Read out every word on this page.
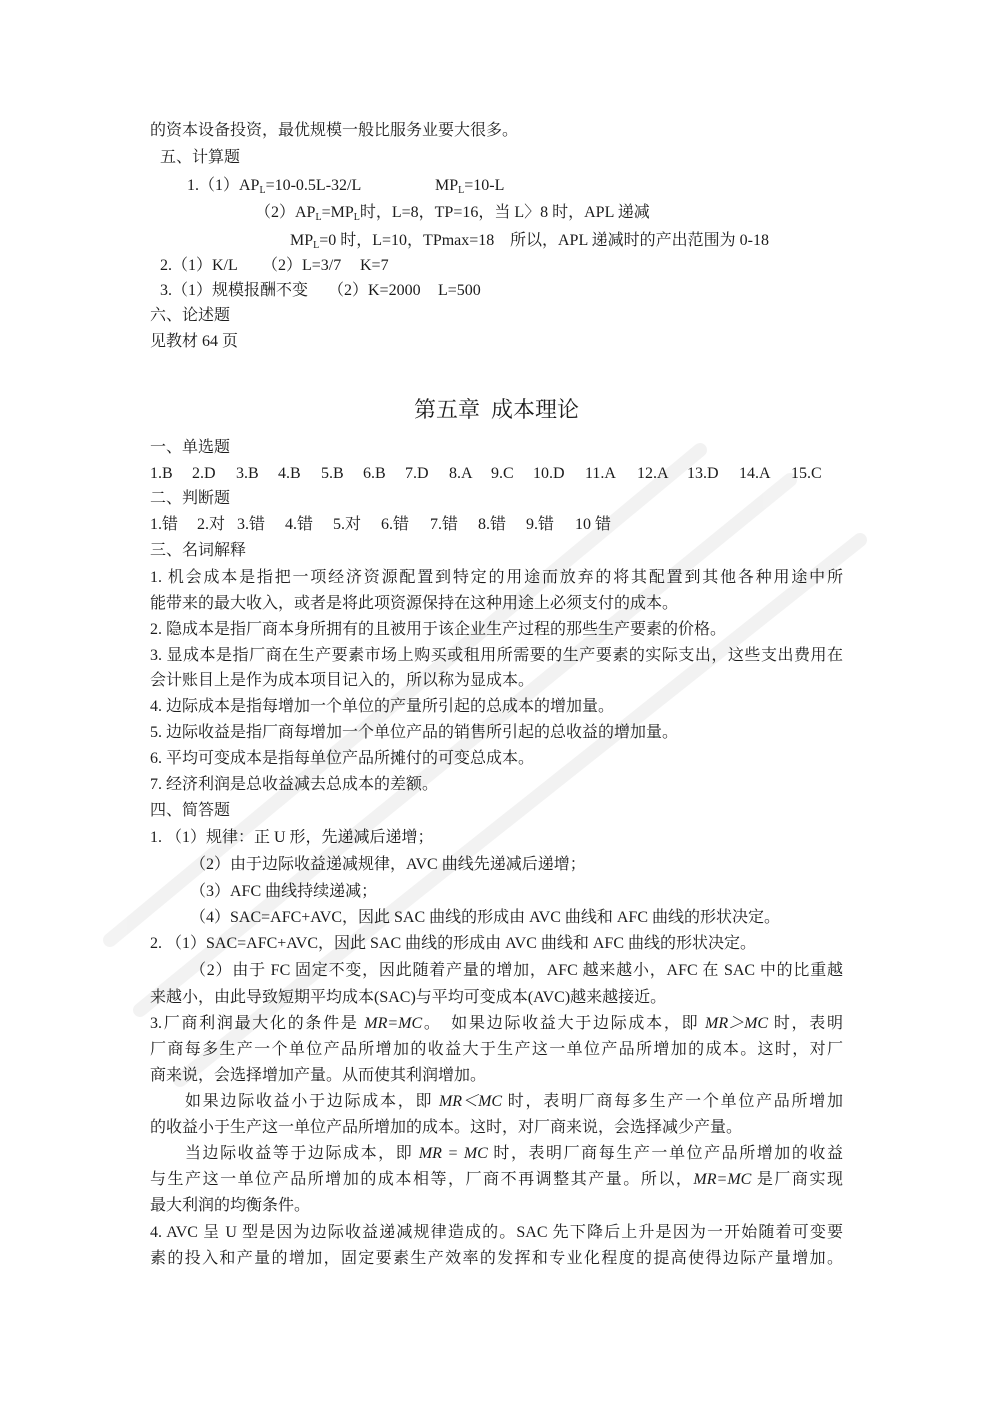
的资本设备投资，最优规模一般比服务业要大很多。
五、计算题
$1.(1)AP_L=10-0.5L-32/L$	$MP_L=10-L$
$(2)AP_L=MP_L$时，L=8，TP=16，当 L〉8 时，APL 递减
$MP_L=0$ 时，L=10，TPmax=18 所以，APL 递减时的产出范围为 0-18
2.（1）K/L （2）L=3/7 K=7
3.（1）规模报酬不变 （2）K=2000 L=500
六、论述题
见教材 64 页
第五章  成本理论
一、单选题
1.B 2.D 3.B 4.B 5.B 6.B 7.D 8.A 9.C 10.D 11.A 12.A 13.D 14.A 15.C
二、判断题
1.错 2.对 3.错 4.错 5.对 6.错 7.错 8.错 9.错 10 错
三、名词解释
1. 机会成本是指把一项经济资源配置到特定的用途而放弃的将其配置到其他各种用途中所
能带来的最大收入，或者是将此项资源保持在这种用途上必须支付的成本。
2. 隐成本是指厂商本身所拥有的且被用于该企业生产过程的那些生产要素的价格。
3. 显成本是指厂商在生产要素市场上购买或租用所需要的生产要素的实际支出，这些支出费用在
会计账目上是作为成本项目记入的，所以称为显成本。
4. 边际成本是指每增加一个单位的产量所引起的总成本的增加量。
5. 边际收益是指厂商每增加一个单位产品的销售所引起的总收益的增加量。
6. 平均可变成本是指每单位产品所摊付的可变总成本。
7. 经济利润是总收益减去总成本的差额。
四、简答题
1. （1）规律：正 U 形，先递减后递增；
（2）由于边际收益递减规律，AVC 曲线先递减后递增；
（3）AFC 曲线持续递减；
（4）SAC=AFC+AVC，因此 SAC 曲线的形成由 AVC 曲线和 AFC 曲线的形状决定。
2. （1）SAC=AFC+AVC，因此 SAC 曲线的形成由 AVC 曲线和 AFC 曲线的形状决定。
（2）由于 FC 固定不变，因此随着产量的增加，AFC 越来越小，AFC 在 SAC 中的比重越
来越小，由此导致短期平均成本(SAC)与平均可变成本(AVC)越来越接近。
3.厂商利润最大化的条件是 MR=MC。　如果边际收益大于边际成本，即 MR＞MC 时，表明
厂商每多生产一个单位产品所增加的收益大于生产这一单位产品所增加的成本。这时，对厂
商来说，会选择增加产量。从而使其利润增加。
如果边际收益小于边际成本，即 MR＜MC 时，表明厂商每多生产一个单位产品所增加
的收益小于生产这一单位产品所增加的成本。这时，对厂商来说，会选择减少产量。
当边际收益等于边际成本，即 MR = MC 时，表明厂商每生产一单位产品所增加的收益
与生产这一单位产品所增加的成本相等，厂商不再调整其产量。所以，MR=MC 是厂商实现
最大利润的均衡条件。
4. AVC 呈 U 型是因为边际收益递减规律造成的。SAC 先下降后上升是因为一开始随着可变要
素的投入和产量的增加，固定要素生产效率的发挥和专业化程度的提高使得边际产量增加。
